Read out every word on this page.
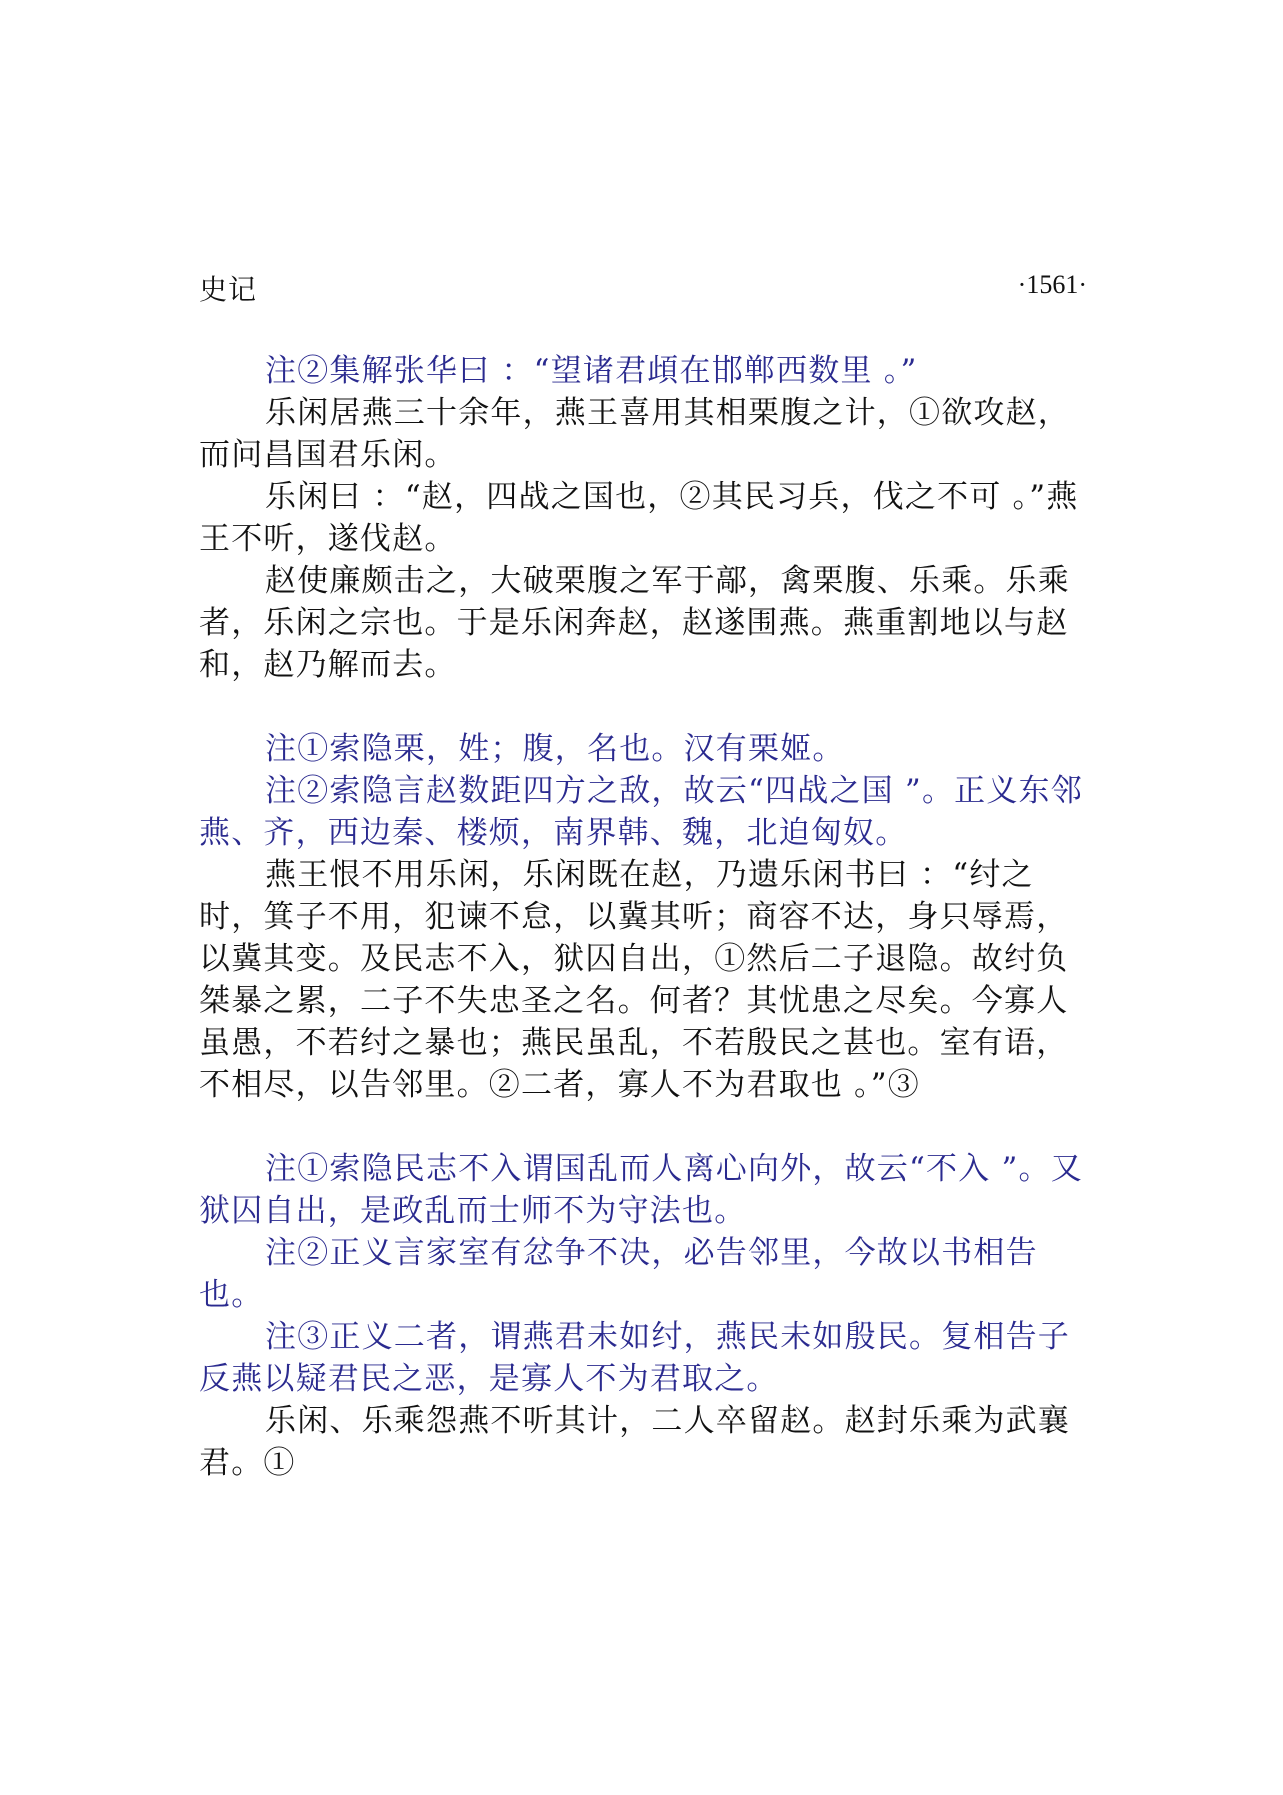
史记	·1561·

注②集解张华曰 ：“望诸君頉在邯郸西数里 。”

乐闲居燕三十余年，燕王喜用其相栗腹之计，①欲攻赵，而问昌国君乐闲。

乐闲曰 ：“赵，四战之国也，②其民习兵，伐之不可 。”燕王不听，遂伐赵。

赵使廉颇击之，大破栗腹之军于鄗，禽栗腹、乐乘。乐乘者，乐闲之宗也。于是乐闲奔赵，赵遂围燕。燕重割地以与赵和，赵乃解而去。

注①索隐栗，姓；腹，名也。汉有栗姬。

注②索隐言赵数距四方之敌，故云“四战之国 ”。正义东邻燕、齐，西边秦、楼烦，南界韩、魏，北迫匈奴。

燕王恨不用乐闲，乐闲既在赵，乃遗乐闲书曰 ：“纣之时，箕子不用，犯谏不怠，以冀其听；商容不达，身只辱焉，以冀其变。及民志不入，狱囚自出，①然后二子退隐。故纣负桀暴之累，二子不失忠圣之名。何者？其忧患之尽矣。今寡人虽愚，不若纣之暴也；燕民虽乱，不若殷民之甚也。室有语，不相尽，以告邻里。②二者，寡人不为君取也 。”③

注①索隐民志不入谓国乱而人离心向外，故云“不入 ”。又狱囚自出，是政乱而士师不为守法也。

注②正义言家室有忿争不决，必告邻里，今故以书相告也。

注③正义二者，谓燕君未如纣，燕民未如殷民。复相告子反燕以疑君民之恶，是寡人不为君取之。

乐闲、乐乘怨燕不听其计，二人卒留赵。赵封乐乘为武襄君。①
